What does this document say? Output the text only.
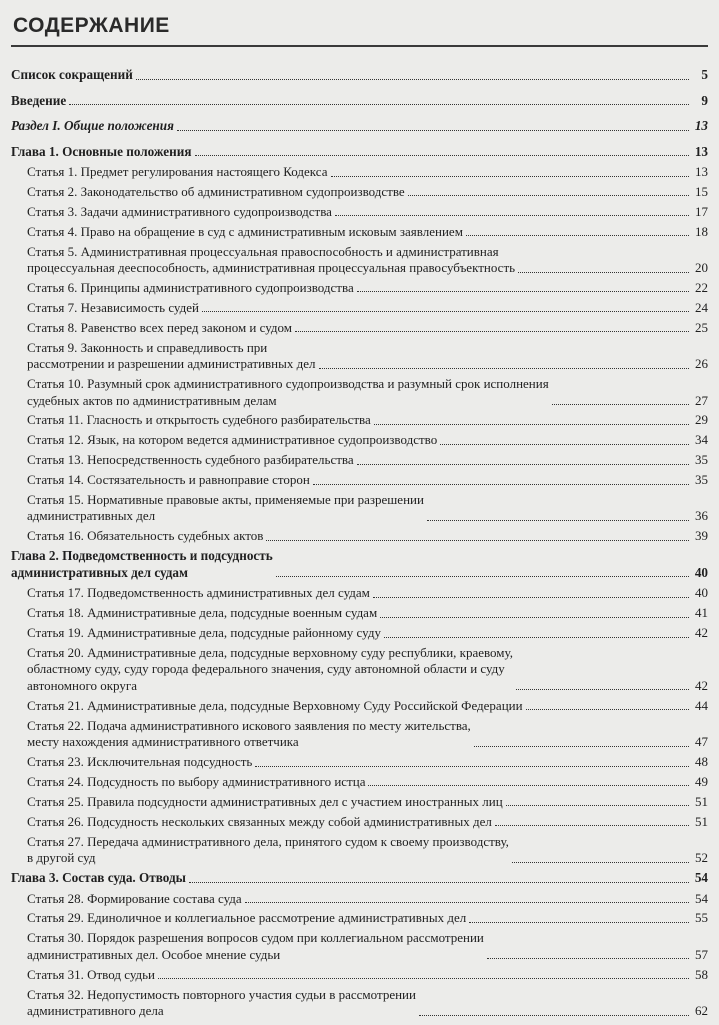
СОДЕРЖАНИЕ
Список сокращений	5
Введение	9
Раздел I. Общие положения	13
Глава 1. Основные положения	13
Статья 1. Предмет регулирования настоящего Кодекса	13
Статья 2. Законодательство об административном судопроизводстве	15
Статья 3. Задачи административного судопроизводства	17
Статья 4. Право на обращение в суд с административным исковым заявлением	18
Статья 5. Административная процессуальная правоспособность и административная
процессуальная дееспособность, административная процессуальная правосубъектность	20
Статья 6. Принципы административного судопроизводства	22
Статья 7. Независимость судей	24
Статья 8. Равенство всех перед законом и судом	25
Статья 9. Законность и справедливость при
рассмотрении и разрешении административных дел	26
Статья 10. Разумный срок административного судопроизводства и разумный срок исполнения
судебных актов по административным делам	27
Статья 11. Гласность и открытость судебного разбирательства	29
Статья 12. Язык, на котором ведется административное судопроизводство	34
Статья 13. Непосредственность судебного разбирательства	35
Статья 14. Состязательность и равноправие сторон	35
Статья 15. Нормативные правовые акты, применяемые при разрешении
административных дел	36
Статья 16. Обязательность судебных актов	39
Глава 2. Подведомственность и подсудность
административных дел судам	40
Статья 17. Подведомственность административных дел судам	40
Статья 18. Административные дела, подсудные военным судам	41
Статья 19. Административные дела, подсудные районному суду	42
Статья 20. Административные дела, подсудные верховному суду республики, краевому,
областному суду, суду города федерального значения, суду автономной области и суду
автономного округа	42
Статья 21. Административные дела, подсудные Верховному Суду Российской Федерации	44
Статья 22. Подача административного искового заявления по месту жительства,
месту нахождения административного ответчика	47
Статья 23. Исключительная подсудность	48
Статья 24. Подсудность по выбору административного истца	49
Статья 25. Правила подсудности административных дел с участием иностранных лиц	51
Статья 26. Подсудность нескольких связанных между собой административных дел	51
Статья 27. Передача административного дела, принятого судом к своему производству,
в другой суд	52
Глава 3. Состав суда. Отводы	54
Статья 28. Формирование состава суда	54
Статья 29. Единоличное и коллегиальное рассмотрение административных дел	55
Статья 30. Порядок разрешения вопросов судом при коллегиальном рассмотрении
административных дел. Особое мнение судьи	57
Статья 31. Отвод судьи	58
Статья 32. Недопустимость повторного участия судьи в рассмотрении
административного дела	62
